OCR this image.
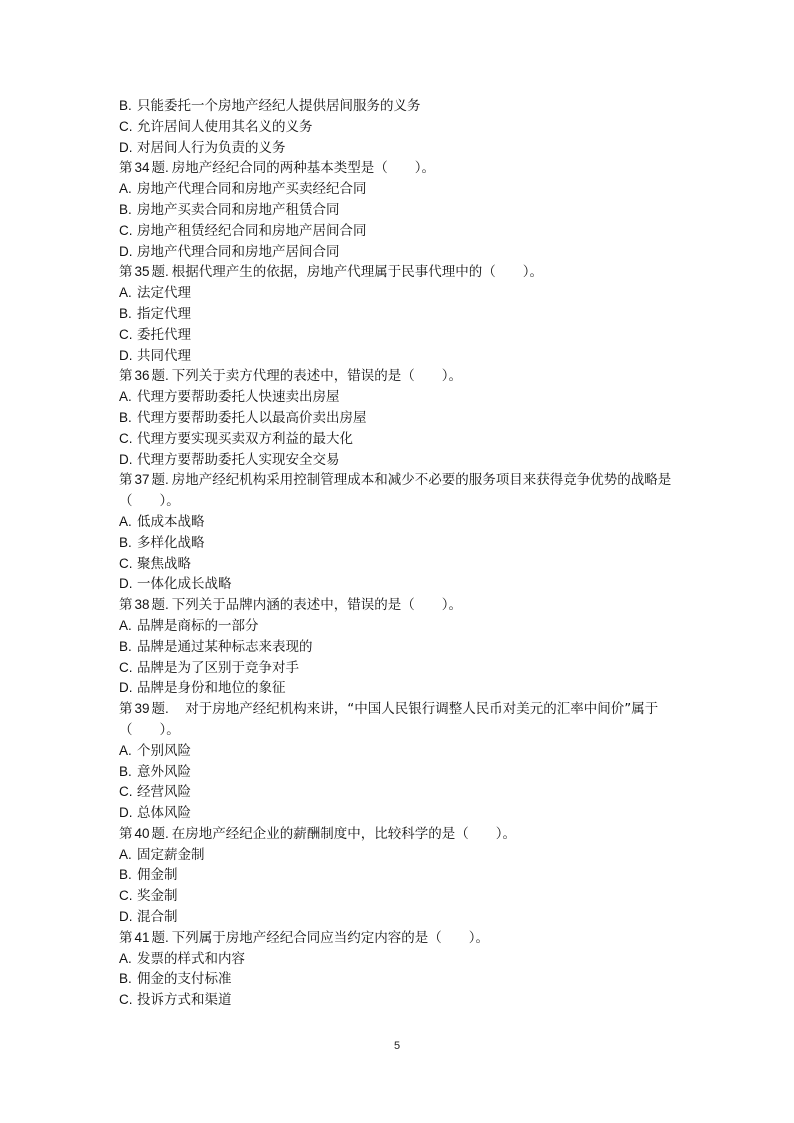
B. 只能委托一个房地产经纪人提供居间服务的义务
C. 允许居间人使用其名义的义务
D. 对居间人行为负责的义务
第 34 题. 房地产经纪合同的两种基本类型是（　　）。
A. 房地产代理合同和房地产买卖经纪合同
B. 房地产买卖合同和房地产租赁合同
C. 房地产租赁经纪合同和房地产居间合同
D. 房地产代理合同和房地产居间合同
第 35 题. 根据代理产生的依据，房地产代理属于民事代理中的（　　）。
A. 法定代理
B. 指定代理
C. 委托代理
D. 共同代理
第 36 题. 下列关于卖方代理的表述中，错误的是（　　）。
A. 代理方要帮助委托人快速卖出房屋
B. 代理方要帮助委托人以最高价卖出房屋
C. 代理方要实现买卖双方利益的最大化
D. 代理方要帮助委托人实现安全交易
第 37 题. 房地产经纪机构采用控制管理成本和减少不必要的服务项目来获得竞争优势的战略是（　　）。
A. 低成本战略
B. 多样化战略
C. 聚焦战略
D. 一体化成长战略
第 38 题. 下列关于品牌内涵的表述中，错误的是（　　）。
A. 品牌是商标的一部分
B. 品牌是通过某种标志来表现的
C. 品牌是为了区别于竞争对手
D. 品牌是身份和地位的象征
第 39 题.　对于房地产经纪机构来讲，“中国人民银行调整人民币对美元的汇率中间价”属于（　　）。
A. 个别风险
B. 意外风险
C. 经营风险
D. 总体风险
第 40 题. 在房地产经纪企业的薪酬制度中，比较科学的是（　　）。
A. 固定薪金制
B. 佣金制
C. 奖金制
D. 混合制
第 41 题. 下列属于房地产经纪合同应当约定内容的是（　　）。
A. 发票的样式和内容
B. 佣金的支付标准
C. 投诉方式和渠道
5
